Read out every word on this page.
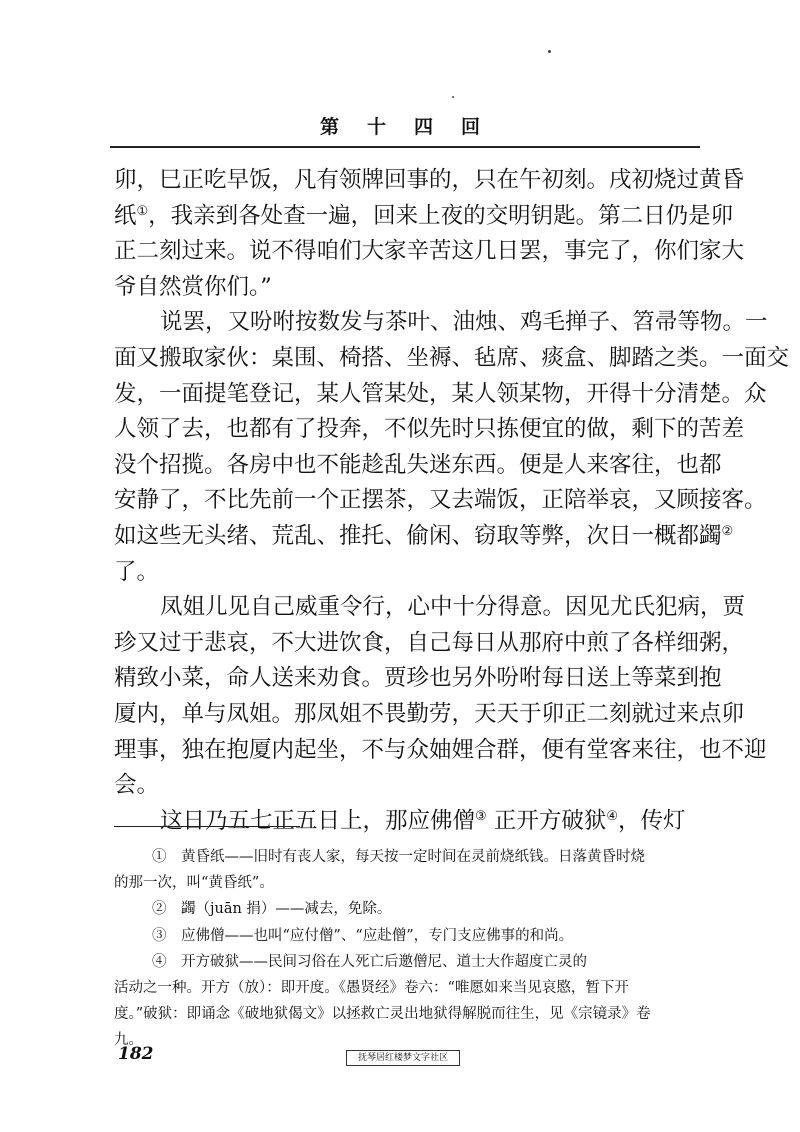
第十四回
卯，巳正吃早饭，凡有领牌回事的，只在午初刻。戌初烧过黄昏
纸①，我亲到各处查一遍，回来上夜的交明钥匙。第二日仍是卯
正二刻过来。说不得咱们大家辛苦这几日罢，事完了，你们家大
爷自然赏你们。”
说罢，又吩咐按数发与茶叶、油烛、鸡毛掸子、笤帚等物。一
面又搬取家伙：桌围、椅搭、坐褥、毡席、痰盒、脚踏之类。一面交
发，一面提笔登记，某人管某处，某人领某物，开得十分清楚。众
人领了去，也都有了投奔，不似先时只拣便宜的做，剩下的苦差
没个招揽。各房中也不能趁乱失迷东西。便是人来客往，也都
安静了，不比先前一个正摆茶，又去端饭，正陪举哀，又顾接客。
如这些无头绪、荒乱、推托、偷闲、窃取等弊，次日一概都蠲②
了。
凤姐儿见自己威重令行，心中十分得意。因见尤氏犯病，贾
珍又过于悲哀，不大进饮食，自己每日从那府中煎了各样细粥，
精致小菜，命人送来劝食。贾珍也另外吩咐每日送上等菜到抱
厦内，单与凤姐。那凤姐不畏勤劳，天天于卯正二刻就过来点卯
理事，独在抱厦内起坐，不与众妯娌合群，便有堂客来往，也不迎
会。
这日乃五七正五日上，那应佛僧③ 正开方破狱④，传灯
①　黄昏纸——旧时有丧人家，每天按一定时间在灵前烧纸钱。日落黄昏时烧
的那一次，叫“黄昏纸”。
②　蠲（juān 捐）——减去，免除。
③　应佛僧——也叫“应付僧”、“应赴僧”，专门支应佛事的和尚。
④　开方破狱——民间习俗在人死亡后邀僧尼、道士大作超度亡灵的
活动之一种。开方（放）：即开度。《愚贤经》卷六：“唯愿如来当见哀愍，暂下开
度。”破狱：即诵念《破地狱偈文》以拯救亡灵出地狱得解脱而往生，见《宗镜录》卷
九。
182	抚琴居红楼梦文字社区
